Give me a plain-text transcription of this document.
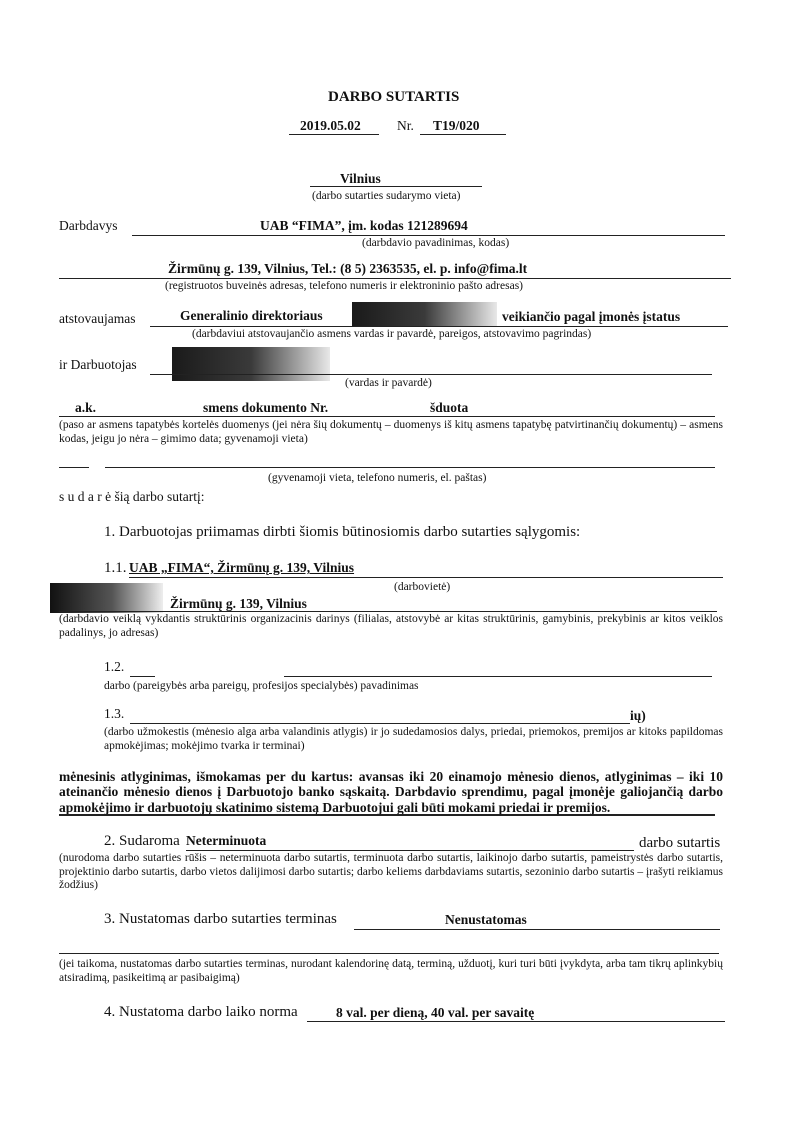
DARBO SUTARTIS
2019.05.02	Nr. T19/020
Vilnius
(darbo sutarties sudarymo vieta)
Darbdavys	UAB “FIMA”, įm. kodas 121289694
(darbdavio pavadinimas, kodas)
Žirmūnų g. 139, Vilnius, Tel.: (8 5) 2363535, el. p. info@fima.lt
(registruotos buveinės adresas, telefono numeris ir elektroninio pašto adresas)
atstovaujamas	Generalinio direktoriaus	veikiančio pagal įmonės įstatus
(darbdaviui atstovaujančio asmens vardas ir pavardė, pareigos, atstovavimo pagrindas)
ir Darbuotojas
(vardas ir pavardė)
a.k.	smens dokumento Nr.	šduota
(paso ar asmens tapatybės kortelės duomenys (jei nėra šių dokumentų – duomenys iš kitų asmens tapatybę patvirtinančių dokumentų) – asmens kodas, jeigu jo nėra – gimimo data; gyvenamoji vieta)
(gyvenamoji vieta, telefono numeris, el. paštas)
s u d a r ė šią darbo sutartį:
1. Darbuotojas priimamas dirbti šiomis būtinosiomis darbo sutarties sąlygomis:
1.1. UAB „FIMA“, Žirmūnų g. 139, Vilnius
(darbovietė)
Žirmūnų g. 139, Vilnius
(darbdavio veiklą vykdantis struktūrinis organizacinis darinys (filialas, atstovybė ar kitas struktūrinis, gamybinis, prekybinis ar kitos veiklos padalinys, jo adresas)
1.2.
darbo (pareigybės arba pareigų, profesijos specialybės) pavadinimas
1.3.	ių)
(darbo užmokestis (mėnesio alga arba valandinis atlygis) ir jo sudedamosios dalys, priedai, priemokos, premijos ar kitoks papildomas apmokėjimas; mokėjimo tvarka ir terminai)
mėnesinis atlyginimas, išmokamas per du kartus: avansas iki 20 einamojo mėnesio dienos, atlyginimas – iki 10 ateinančio mėnesio dienos į Darbuotojo banko sąskaitą. Darbdavio sprendimu, pagal įmonėje galiojančią darbo apmokėjimo ir darbuotojų skatinimo sistemą Darbuotojui gali būti mokami priedai ir premijos.
2. Sudaroma Neterminuota	darbo sutartis
(nurodoma darbo sutarties rūšis – neterminuota darbo sutartis, terminuota darbo sutartis, laikinojo darbo sutartis, pameistrystės darbo sutartis, projektinio darbo sutartis, darbo vietos dalijimosi darbo sutartis; darbo keliems darbdaviams sutartis, sezoninio darbo sutartis – įrašyti reikiamus žodžius)
3. Nustatomas darbo sutarties terminas	Nenustatomas
(jei taikoma, nustatomas darbo sutarties terminas, nurodant kalendorinę datą, terminą, užduotį, kuri turi būti įvykdyta, arba tam tikrų aplinkybių atsiradimą, pasikeitimą ar pasibaigimą)
4. Nustatoma darbo laiko norma	8 val. per dieną, 40 val. per savaitę
